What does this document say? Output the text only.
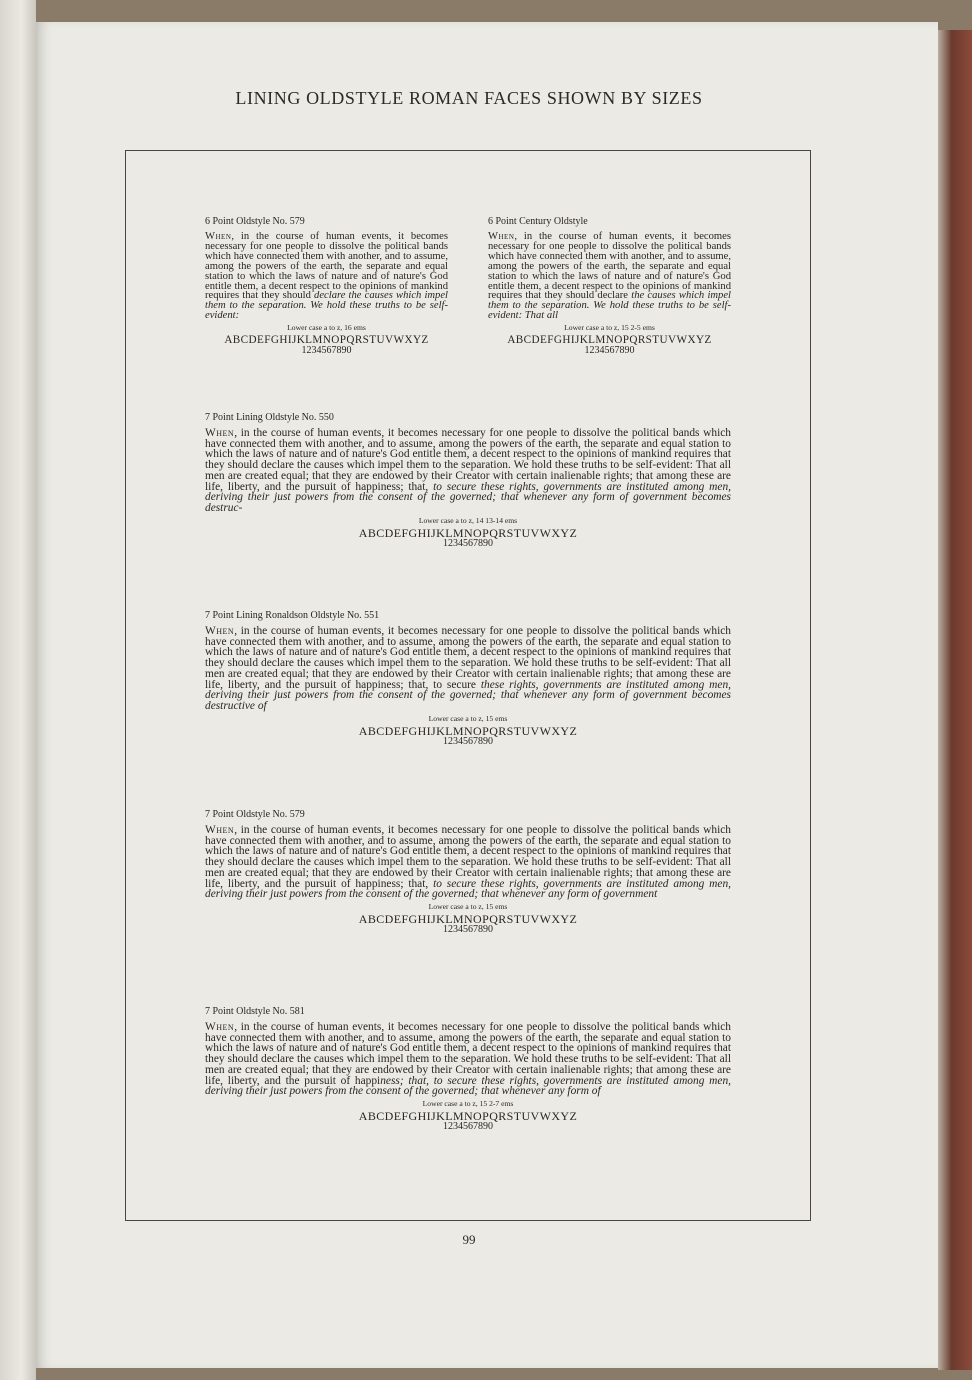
LINING OLDSTYLE ROMAN FACES SHOWN BY SIZES
6 Point Oldstyle No. 579
When, in the course of human events, it becomes necessary for one people to dissolve the political bands which have connected them with another, and to assume, among the powers of the earth, the separate and equal station to which the laws of nature and of nature's God entitle them, a decent respect to the opinions of mankind requires that they should declare the causes which impel them to the separation. We hold these truths to be self-evident:
Lower case a to z, 16 ems
ABCDEFGHIJKLMNOPQRSTUVWXYZ
1234567890
6 Point Century Oldstyle
When, in the course of human events, it becomes necessary for one people to dissolve the political bands which have connected them with another, and to assume, among the powers of the earth, the separate and equal station to which the laws of nature and of nature's God entitle them, a decent respect to the opinions of mankind requires that they should declare the causes which impel them to the separation. We hold these truths to be self-evident: That all
Lower case a to z, 15 2-5 ems
ABCDEFGHIJKLMNOPQRSTUVWXYZ
1234567890
7 Point Lining Oldstyle No. 550
When, in the course of human events, it becomes necessary for one people to dissolve the political bands which have connected them with another, and to assume, among the powers of the earth, the separate and equal station to which the laws of nature and of nature's God entitle them, a decent respect to the opinions of mankind requires that they should declare the causes which impel them to the separation. We hold these truths to be self-evident: That all men are created equal; that they are endowed by their Creator with certain inalienable rights; that among these are life, liberty, and the pursuit of happiness; that, to secure these rights, governments are instituted among men, deriving their just powers from the consent of the governed; that whenever any form of government becomes destruc-
Lower case a to z, 14 13-14 ems
ABCDEFGHIJKLMNOPQRSTUVWXYZ
1234567890
7 Point Lining Ronaldson Oldstyle No. 551
When, in the course of human events, it becomes necessary for one people to dissolve the political bands which have connected them with another, and to assume, among the powers of the earth, the separate and equal station to which the laws of nature and of nature's God entitle them, a decent respect to the opinions of mankind requires that they should declare the causes which impel them to the separation. We hold these truths to be self-evident: That all men are created equal; that they are endowed by their Creator with certain inalienable rights; that among these are life, liberty, and the pursuit of happiness; that, to secure these rights, governments are instituted among men, deriving their just powers from the consent of the governed; that whenever any form of government becomes destructive of
Lower case a to z, 15 ems
ABCDEFGHIJKLMNOPQRSTUVWXYZ
1234567890
7 Point Oldstyle No. 579
When, in the course of human events, it becomes necessary for one people to dissolve the political bands which have connected them with another, and to assume, among the powers of the earth, the separate and equal station to which the laws of nature and of nature's God entitle them, a decent respect to the opinions of mankind requires that they should declare the causes which impel them to the separation. We hold these truths to be self-evident: That all men are created equal; that they are endowed by their Creator with certain inalienable rights; that among these are life, liberty, and the pursuit of happiness; that, to secure these rights, governments are instituted among men, deriving their just powers from the consent of the governed; that whenever any form of government
Lower case a to z, 15 ems
ABCDEFGHIJKLMNOPQRSTUVWXYZ
1234567890
7 Point Oldstyle No. 581
When, in the course of human events, it becomes necessary for one people to dissolve the political bands which have connected them with another, and to assume, among the powers of the earth, the separate and equal station to which the laws of nature and of nature's God entitle them, a decent respect to the opinions of mankind requires that they should declare the causes which impel them to the separation. We hold these truths to be self-evident: That all men are created equal; that they are endowed by their Creator with certain inalienable rights; that among these are life, liberty, and the pursuit of happiness; that, to secure these rights, governments are instituted among men, deriving their just powers from the consent of the governed; that whenever any form of
Lower case a to z, 15 2-7 ems
ABCDEFGHIJKLMNOPQRSTUVWXYZ
1234567890
99
